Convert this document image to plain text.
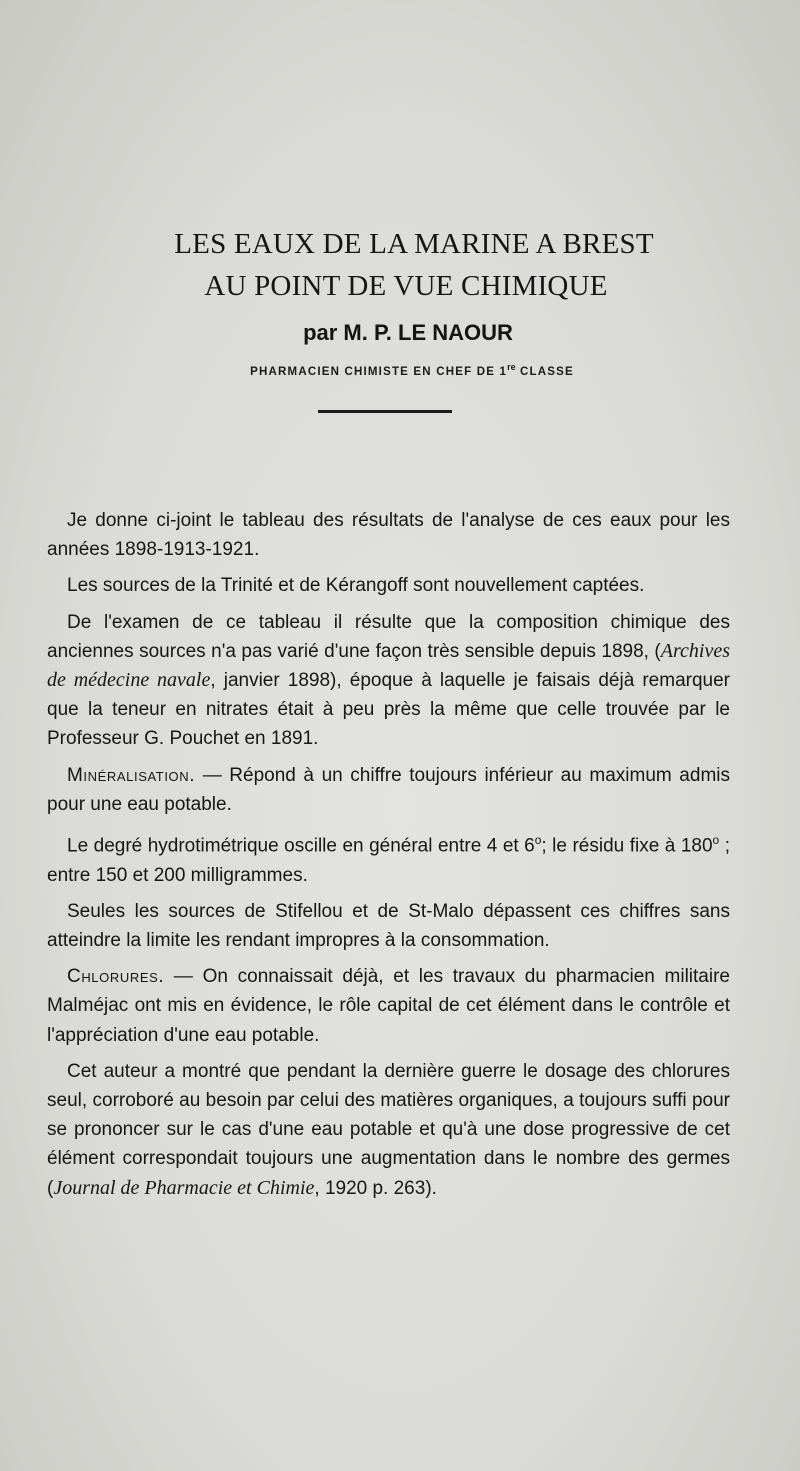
LES EAUX DE LA MARINE A BREST
AU POINT DE VUE CHIMIQUE
par M. P. LE NAOUR
PHARMACIEN CHIMISTE EN CHEF DE 1re CLASSE

Je donne ci-joint le tableau des résultats de l'analyse de ces eaux pour les années 1898-1913-1921.

Les sources de la Trinité et de Kérangoff sont nouvellement captées.

De l'examen de ce tableau il résulte que la composition chimique des anciennes sources n'a pas varié d'une façon très sensible depuis 1898, (Archives de médecine navale, janvier 1898), époque à laquelle je faisais déjà remarquer que la teneur en nitrates était à peu près la même que celle trouvée par le Professeur G. Pouchet en 1891.

Minéralisation. — Répond à un chiffre toujours inférieur au maximum admis pour une eau potable.

Le degré hydrotimétrique oscille en général entre 4 et 6$^o$; le résidu fixe à 180$^o$ ; entre 150 et 200 milligrammes.

Seules les sources de Stifellou et de St-Malo dépassent ces chiffres sans atteindre la limite les rendant impropres à la consommation.

Chlorures. — On connaissait déjà, et les travaux du pharmacien militaire Malméjac ont mis en évidence, le rôle capital de cet élément dans le contrôle et l'appréciation d'une eau potable.

Cet auteur a montré que pendant la dernière guerre le dosage des chlorures seul, corroboré au besoin par celui des matières organiques, a toujours suffi pour se prononcer sur le cas d'une eau potable et qu'à une dose progressive de cet élément correspondait toujours une augmentation dans le nombre des germes (Journal de Pharmacie et Chimie, 1920 p. 263).
